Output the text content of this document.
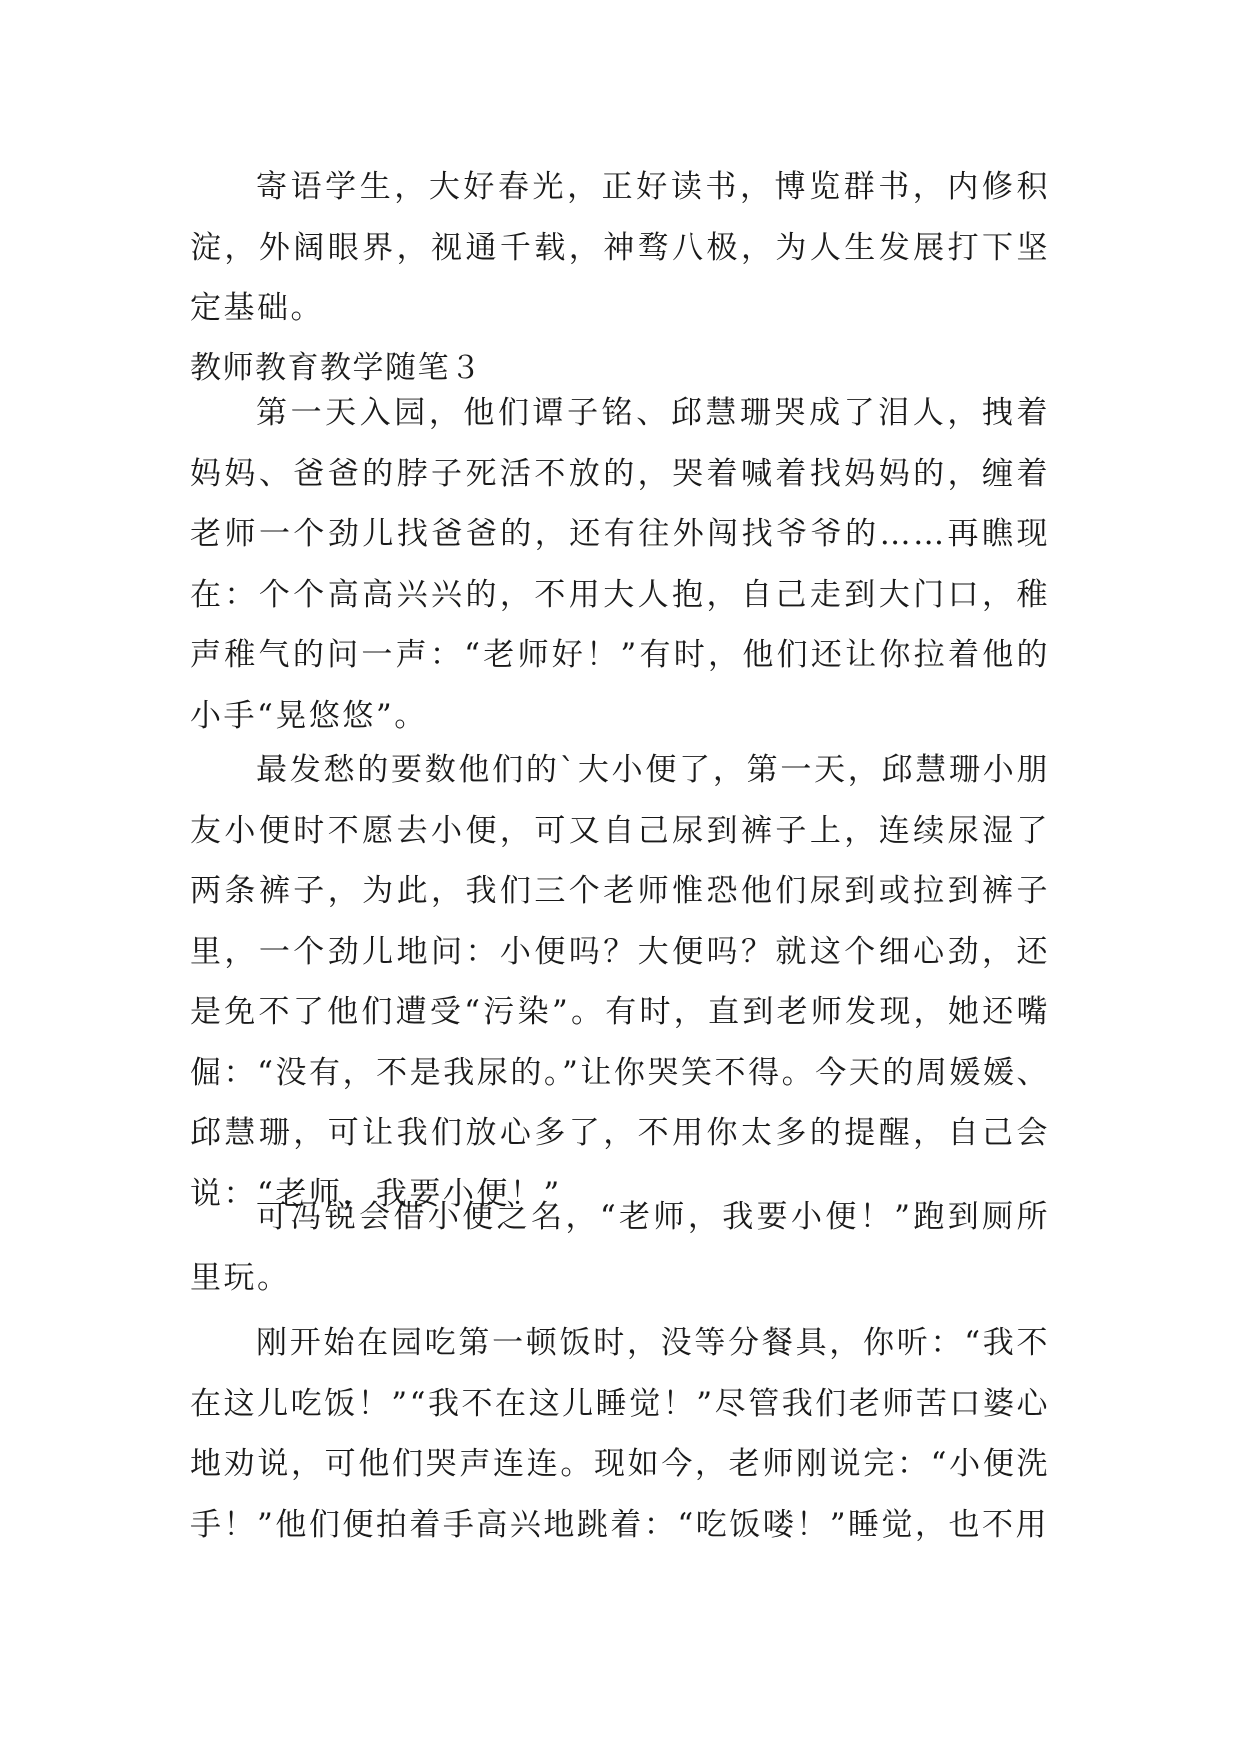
寄语学生，大好春光，正好读书，博览群书，内修积淀，外阔眼界，视通千载，神骛八极，为人生发展打下坚定基础。

教师教育教学随笔３

第一天入园，他们谭子铭、邱慧珊哭成了泪人，拽着妈妈、爸爸的脖子死活不放的，哭着喊着找妈妈的，缠着老师一个劲儿找爸爸的，还有往外闯找爷爷的……再瞧现在：个个高高兴兴的，不用大人抱，自己走到大门口，稚声稚气的问一声：“老师好！”有时，他们还让你拉着他的小手“晃悠悠”。

最发愁的要数他们的`大小便了，第一天，邱慧珊小朋友小便时不愿去小便，可又自己尿到裤子上，连续尿湿了两条裤子，为此，我们三个老师惟恐他们尿到或拉到裤子里，一个劲儿地问：小便吗？大便吗？就这个细心劲，还是免不了他们遭受“污染”。有时，直到老师发现，她还嘴倔：“没有，不是我尿的。”让你哭笑不得。今天的周媛媛、邱慧珊，可让我们放心多了，不用你太多的提醒，自己会说：“老师，我要小便！”

可冯锐会借小便之名，“老师，我要小便！”跑到厕所里玩。

刚开始在园吃第一顿饭时，没等分餐具，你听：“我不在这儿吃饭！”“我不在这儿睡觉！”尽管我们老师苦口婆心地劝说，可他们哭声连连。现如今，老师刚说完：“小便洗手！”他们便拍着手高兴地跳着：“吃饭喽！”睡觉，也不用
